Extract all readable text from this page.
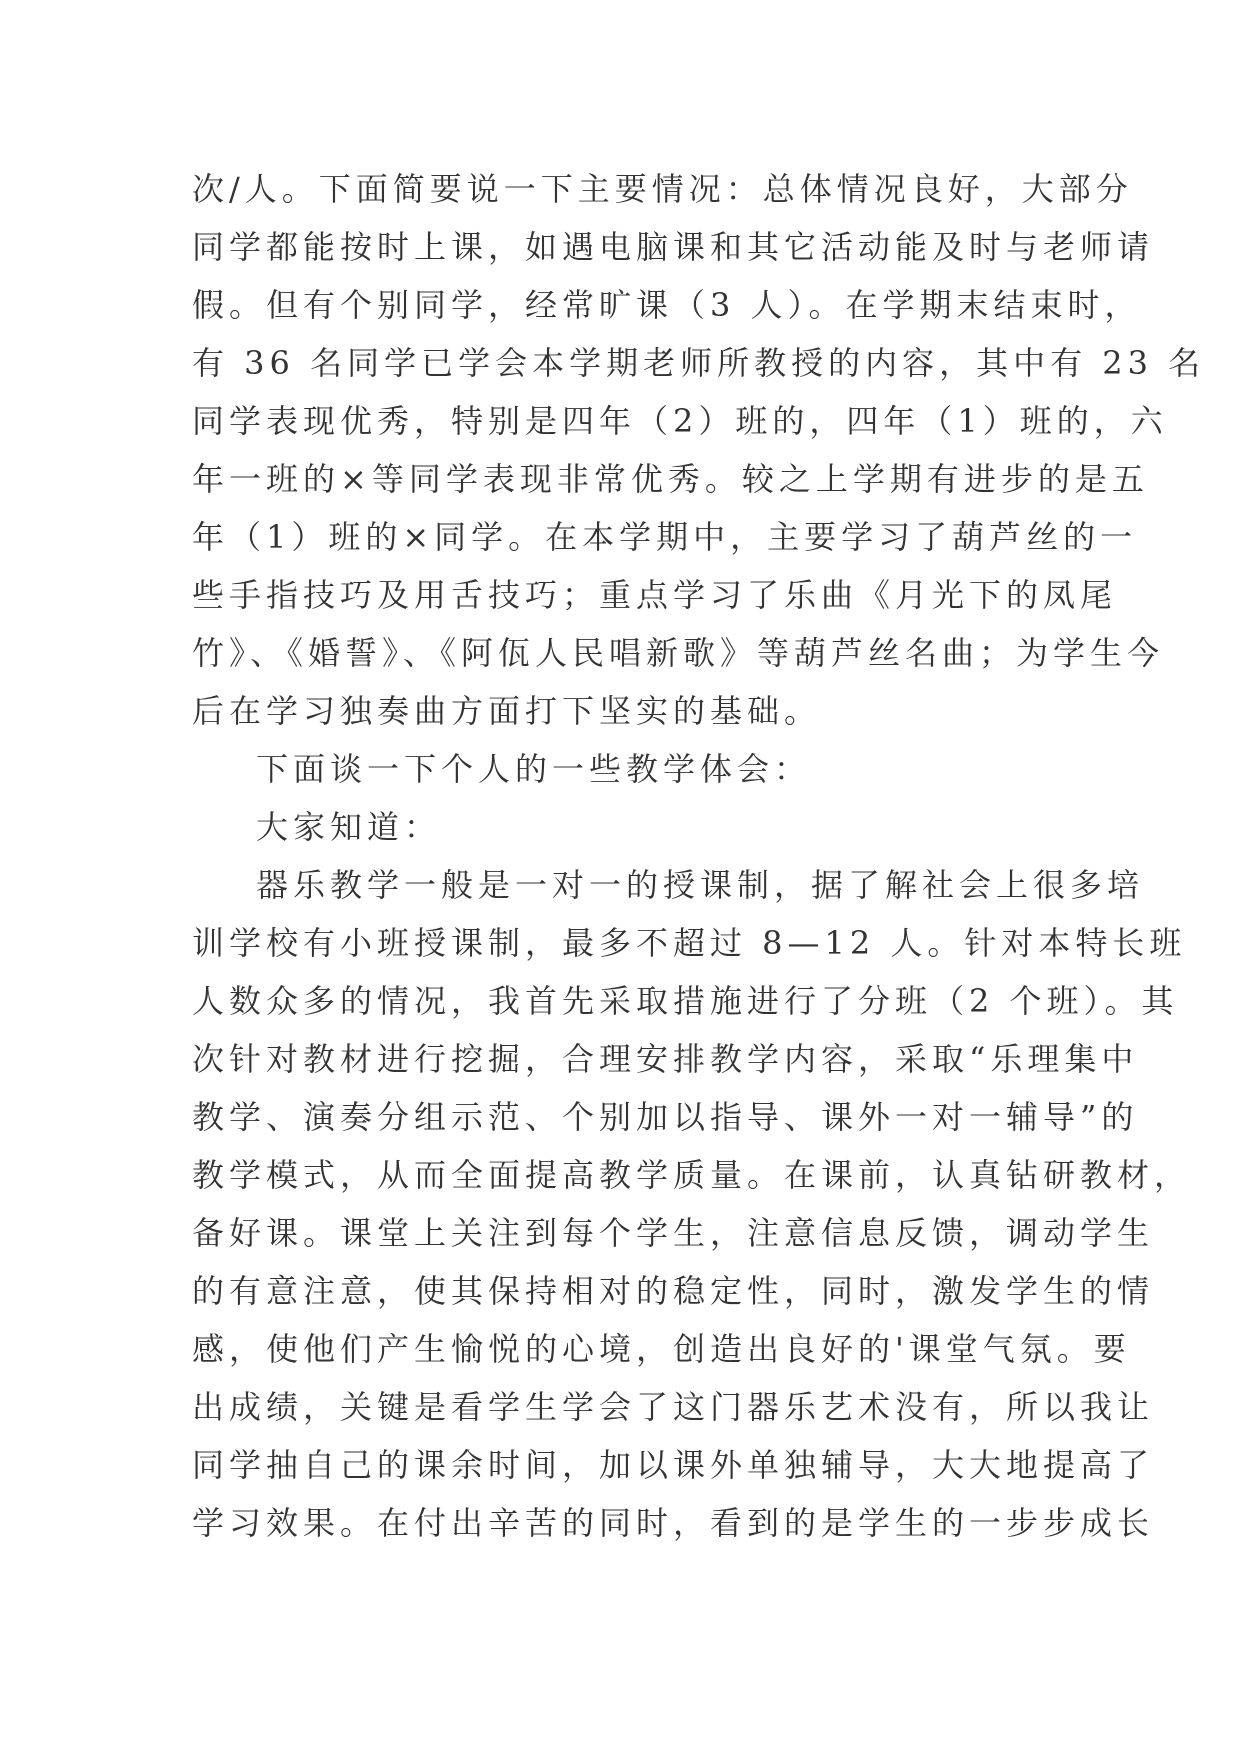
次/人。下面简要说一下主要情况：总体情况良好，大部分
同学都能按时上课，如遇电脑课和其它活动能及时与老师请
假。但有个别同学，经常旷课（3 人）。在学期末结束时，
有 36 名同学已学会本学期老师所教授的内容，其中有 23 名
同学表现优秀，特别是四年（2）班的，四年（1）班的，六
年一班的×等同学表现非常优秀。较之上学期有进步的是五
年（1）班的×同学。在本学期中，主要学习了葫芦丝的一
些手指技巧及用舌技巧；重点学习了乐曲《月光下的凤尾
竹》、《婚誓》、《阿佤人民唱新歌》等葫芦丝名曲；为学生今
后在学习独奏曲方面打下坚实的基础。
下面谈一下个人的一些教学体会：
大家知道：
器乐教学一般是一对一的授课制，据了解社会上很多培
训学校有小班授课制，最多不超过 8—12 人。针对本特长班
人数众多的情况，我首先采取措施进行了分班（2 个班）。其
次针对教材进行挖掘，合理安排教学内容，采取“乐理集中
教学、演奏分组示范、个别加以指导、课外一对一辅导”的
教学模式，从而全面提高教学质量。在课前，认真钻研教材，
备好课。课堂上关注到每个学生，注意信息反馈，调动学生
的有意注意，使其保持相对的稳定性，同时，激发学生的情
感，使他们产生愉悦的心境，创造出良好的'课堂气氛。要
出成绩，关键是看学生学会了这门器乐艺术没有，所以我让
同学抽自己的课余时间，加以课外单独辅导，大大地提高了
学习效果。在付出辛苦的同时，看到的是学生的一步步成长
